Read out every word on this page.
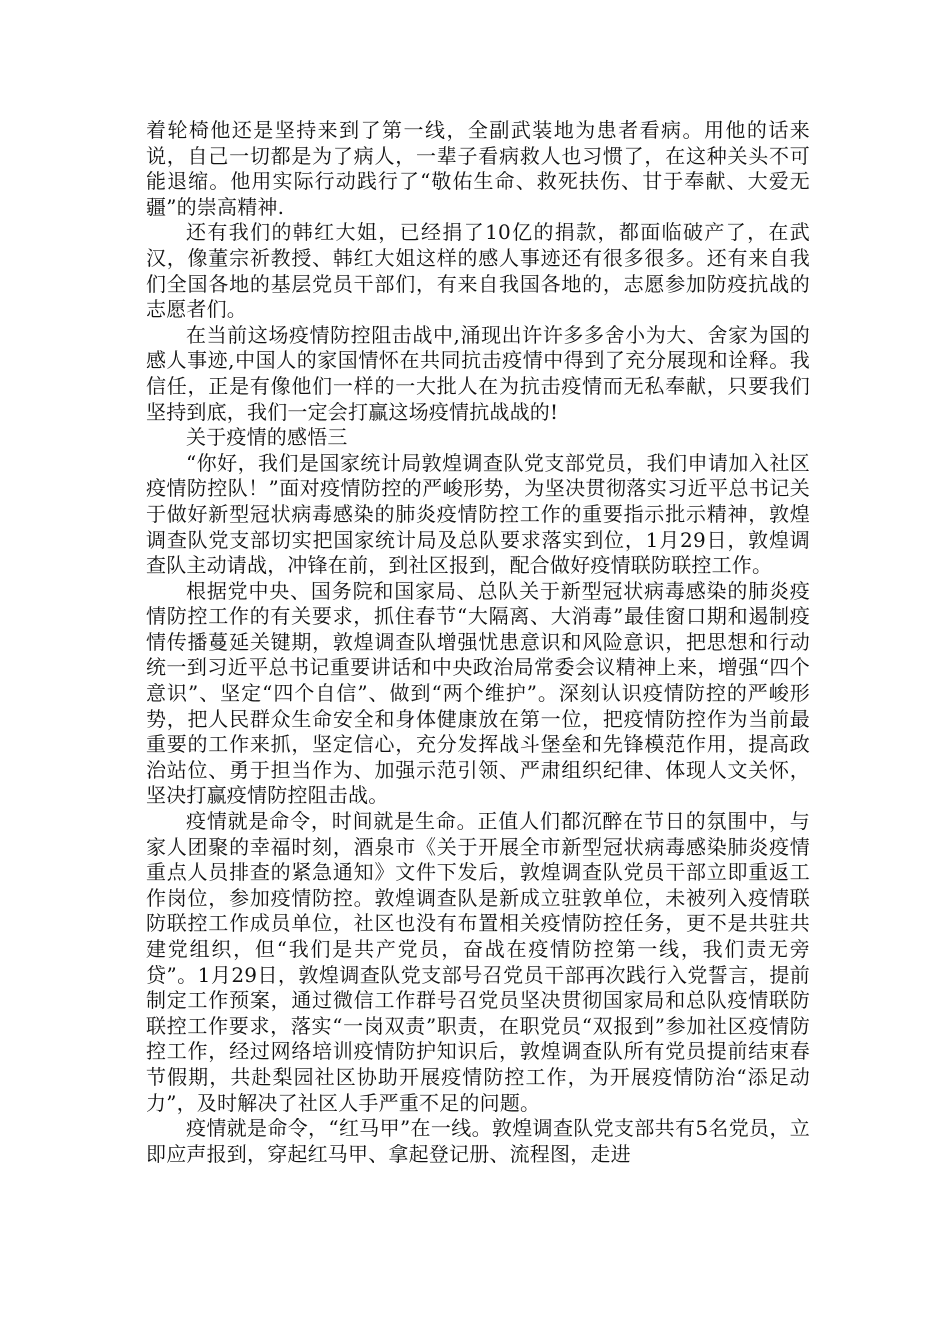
着轮椅他还是坚持来到了第一线，全副武装地为患者看病。用他的话来说，自己一切都是为了病人，一辈子看病救人也习惯了，在这种关头不可能退缩。他用实际行动践行了“敬佑生命、救死扶伤、甘于奉献、大爱无疆”的崇高精神.

还有我们的韩红大姐，已经捐了10亿的捐款，都面临破产了，在武汉，像董宗祈教授、韩红大姐这样的感人事迹还有很多很多。还有来自我们全国各地的基层党员干部们，有来自我国各地的，志愿参加防疫抗战的志愿者们。

在当前这场疫情防控阻击战中,涌现出许许多多舍小为大、舍家为国的感人事迹,中国人的家国情怀在共同抗击疫情中得到了充分展现和诠释。我信任，正是有像他们一样的一大批人在为抗击疫情而无私奉献，只要我们坚持到底，我们一定会打赢这场疫情抗战战的!

关于疫情的感悟三

“你好，我们是国家统计局敦煌调查队党支部党员，我们申请加入社区疫情防控队！”面对疫情防控的严峻形势，为坚决贯彻落实习近平总书记关于做好新型冠状病毒感染的肺炎疫情防控工作的重要指示批示精神，敦煌调查队党支部切实把国家统计局及总队要求落实到位，1月29日，敦煌调查队主动请战，冲锋在前，到社区报到，配合做好疫情联防联控工作。

根据党中央、国务院和国家局、总队关于新型冠状病毒感染的肺炎疫情防控工作的有关要求，抓住春节“大隔离、大消毒”最佳窗口期和遏制疫情传播蔓延关键期，敦煌调查队增强忧患意识和风险意识，把思想和行动统一到习近平总书记重要讲话和中央政治局常委会议精神上来，增强“四个意识”、坚定“四个自信”、做到“两个维护”。深刻认识疫情防控的严峻形势，把人民群众生命安全和身体健康放在第一位，把疫情防控作为当前最重要的工作来抓，坚定信心，充分发挥战斗堡垒和先锋模范作用，提高政治站位、勇于担当作为、加强示范引领、严肃组织纪律、体现人文关怀，坚决打赢疫情防控阻击战。

疫情就是命令，时间就是生命。正值人们都沉醉在节日的氛围中，与家人团聚的幸福时刻，酒泉市《关于开展全市新型冠状病毒感染肺炎疫情重点人员排查的紧急通知》文件下发后，敦煌调查队党员干部立即重返工作岗位，参加疫情防控。敦煌调查队是新成立驻敦单位，未被列入疫情联防联控工作成员单位，社区也没有布置相关疫情防控任务，更不是共驻共建党组织，但“我们是共产党员，奋战在疫情防控第一线，我们责无旁贷”。1月29日，敦煌调查队党支部号召党员干部再次践行入党誓言，提前制定工作预案，通过微信工作群号召党员坚决贯彻国家局和总队疫情联防联控工作要求，落实“一岗双责”职责，在职党员“双报到”参加社区疫情防控工作，经过网络培训疫情防护知识后，敦煌调查队所有党员提前结束春节假期，共赴梨园社区协助开展疫情防控工作，为开展疫情防治“添足动力”，及时解决了社区人手严重不足的问题。

疫情就是命令，“红马甲”在一线。敦煌调查队党支部共有5名党员，立即应声报到，穿起红马甲、拿起登记册、流程图，走进
